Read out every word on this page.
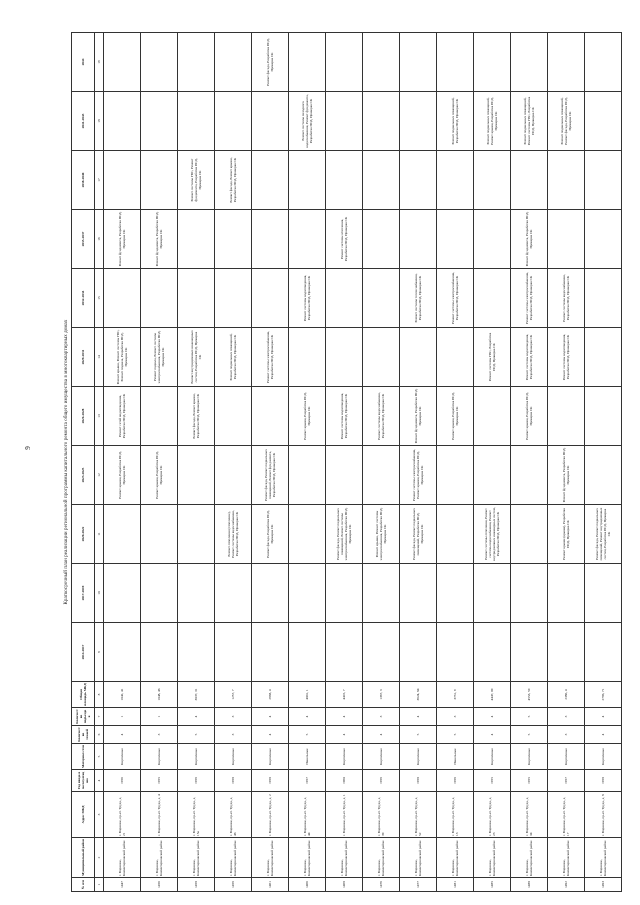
9	Краткосрочный план реализации региональной программы капитального ремонта общего имущества в многоквартирных домах
№ п/п	Муниципальный район	Адрес МКД	Год ввода в эксплуатацию	Материал стен	Количество этажей	Количество подъездов	Общая площадь МКД	2014-2017	2017-2019	2020-2022	2023-2025	2026-2028	2029-2031	2032-2034	2035-2037	2038-2040	2041-2043	2044
1	2	3	4	5	6	7	8	9	10	11	12	13	14	15	16	17	18	19
1447	г. Воронеж, Коминтерновский район	г. Воронеж, пр-кт. Труда, д. 21	1956	Кирпичные	4	1	1042, 41				Ремонт крыши, Разработка ПСД, Проверка СК	Ремонт сетей водоотведения, Разработка ПСД, Проверка СК	Ремонт крыши, Ремонт системы ГВС, Ремонт подвала, Разработка ПСД, Проверка СК		Ремонт фундамента, Разработка ПСД, Проверка СК			
1456	г. Воронеж, Коминтерновский район	г. Воронеж, пр-кт. Труда, д. 4	1955	Кирпичные	3	1	1048, 46				Ремонт крыши, Разработка ПСД, Проверка СК		Ремонт подвала, Ремонт системы электроснабжения, Разработка ПСД, Проверка СК		Ремонт фундамента, Разработка ПСД, Проверка СК			
1458	г. Воронеж, Коминтерновский район	г. Воронеж, пр-кт. Труда, д. 15а	1959	Кирпичные	5	4	3037, 31					Ремонт фасада, Ремонт крыши, Разработка ПСД, Проверка СК	Ремонт внутридомовых инженерных систем, Разработка ПСД, Проверка СК			Ремонт системы ГВС, Ремонт фундамента, Разработка ПСД, Проверка СК		
1459	г. Воронеж, Коминтерновский район	г. Воронеж, пр-кт. Труда, д. 46	1958	Кирпичные	3	3	1257, 7			Ремонт отопления (отопление), Ремонт системы водоснабжения, Разработка ПСД, Проверка СК			Ремонт подвальных помещений, Разработка ПСД, Проверка СК			Ремонт фасада, Ремонт крыши, Разработка ПСД, Проверка СК		
1461	г. Воронеж, Коминтерновский район	г. Воронеж, пр-кт. Труда, д. 2	1958	Кирпичные	4	4	2968, 4			Ремонт фасада, Разработка ПСД, Проверка СК	Ремонт фасада, Ремонт подвальных помещений, Ремонт фундамента, Разработка ПСД, Проверка СК		Ремонт системы электроснабжения, Разработка ПСД, Проверка СК					Ремонт фасада, Разработка ПСД, Проверка СК
1466	г. Воронеж, Коминтерновский район	г. Воронеж, пр-кт. Труда, д. 44	1957	Панельные	5	4	4001, 1					Ремонт крыши, Разработка ПСД, Проверка СК		Ремонт системы водоотведения, Разработка ПСД, Проверка СК			Ремонт системы холодного водоснабжения, Ремонт фундамента, Разработка ПСД, Проверка СК	
1468	г. Воронеж, Коминтерновский район	г. Воронеж, пр-кт. Труда, д. 1	1960	Кирпичные	4	4	4416, 7			Ремонт фасада, Ремонт подвальных помещений, Ремонт системы электроснабжения, Разработка ПСД, Проверка СК		Ремонт системы водоотведения, Разработка ПСД, Проверка СК			Ремонт системы отопления, Разработка ПСД, Проверка СК			
1476	г. Воронеж, Коминтерновский район	г. Воронеж, пр-кт. Труда, д. 39	1959	Кирпичные	4	3	1367, 3			Ремонт крыши, Ремонт системы электроснабжения, Разработка ПСД, Проверка СК		Ремонт системы водоснабжения, Разработка ПСД, Проверка СК						
1477	г. Воронеж, Коминтерновский район	г. Воронеж, пр-кт. Труда, д. 52	1958	Кирпичные	5	4	3624, 84			Ремонт фасада, Ремонт подвальных помещений, Разработка ПСД, Проверка СК	Ремонт системы электроснабжения, Ремонт крыши, Разработка ПСД, Проверка СК	Ремонт фундамента, Разработка ПСД, Проверка СК		Ремонт системы теплоснабжения, Разработка ПСД, Проверка СК				
1481	г. Воронеж, Коминтерновский район	г. Воронеж, пр-кт. Труда, д. 13	1959	Панельные	5	3	3731, 9					Ремонт крыши, Разработка ПСД, Проверка СК		Ремонт системы электроснабжения, Разработка ПСД, Проверка СК			Ремонт подвальных помещений, Разработка ПСД, Проверка СК	
1485	г. Воронеж, Коминтерновский район	г. Воронеж, пр-кт. Труда, д. 23	1955	Кирпичные	4	4	4447, 09			Ремонт системы отопления, Ремонт системы водоснабжения, Ремонт внутридомовых инженерных систем, Разработка ПСД, Проверка СК			Ремонт системы ГВС, Разработка ПСД, Проверка СК				Ремонт подвальных помещений, Ремонт крыши, Разработка ПСД, Проверка СК	
1488	г. Воронеж, Коминтерновский район	г. Воронеж, пр-кт. Труда, д. 34	1955	Кирпичные	5	5	4553, 59					Ремонт крыши, Разработка ПСД, Проверка СК	Ремонт системы водоотведения, Разработка ПСД, Проверка СК	Ремонт системы электроснабжения, Разработка ПСД, Проверка СК	Ремонт фундамента, Разработка ПСД, Проверка СК		Ремонт подвальных помещений, Ремонт системы ГВС, Разработка ПСД, Проверка СК	
1492	г. Воронеж, Коминтерновский район	г. Воронеж, пр-кт. Труда, д. 17	1957	Кирпичные	3	3	2386, 4			Ремонт крыши (крыша), Разработка ПСД, Проверка СК	Ремонт фундамента, Разработка ПСД, Проверка СК		Ремонт системы водоотведения, Разработка ПСД, Проверка СК	Ремонт системы водоснабжения, Разработка ПСД, Проверка СК			Ремонт подвальных помещений, Ремонт фасада, Разработка ПСД, Проверка СК	
1493	г. Воронеж, Коминтерновский район	г. Воронеж, пр-кт. Труда, д. 8	1958	Кирпичные	4	4	2796, 71			Ремонт фасада, Ремонт подвальных помещений, Ремонт внутридомовых систем, Разработка ПСД, Проверка СК								
